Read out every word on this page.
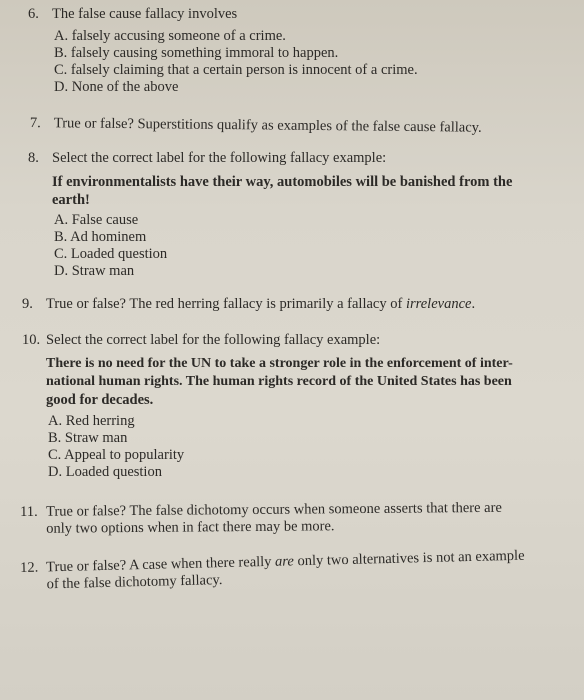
6. The false cause fallacy involves
A. falsely accusing someone of a crime.
B. falsely causing something immoral to happen.
C. falsely claiming that a certain person is innocent of a crime.
D. None of the above
7. True or false? Superstitions qualify as examples of the false cause fallacy.
8. Select the correct label for the following fallacy example:
If environmentalists have their way, automobiles will be banished from the
earth!
A. False cause
B. Ad hominem
C. Loaded question
D. Straw man
9. True or false? The red herring fallacy is primarily a fallacy of irrelevance.
10. Select the correct label for the following fallacy example:
There is no need for the UN to take a stronger role in the enforcement of inter-
national human rights. The human rights record of the United States has been
good for decades.
A. Red herring
B. Straw man
C. Appeal to popularity
D. Loaded question
11. True or false? The false dichotomy occurs when someone asserts that there are
only two options when in fact there may be more.
12. True or false? A case when there really are only two alternatives is not an example
of the false dichotomy fallacy.
